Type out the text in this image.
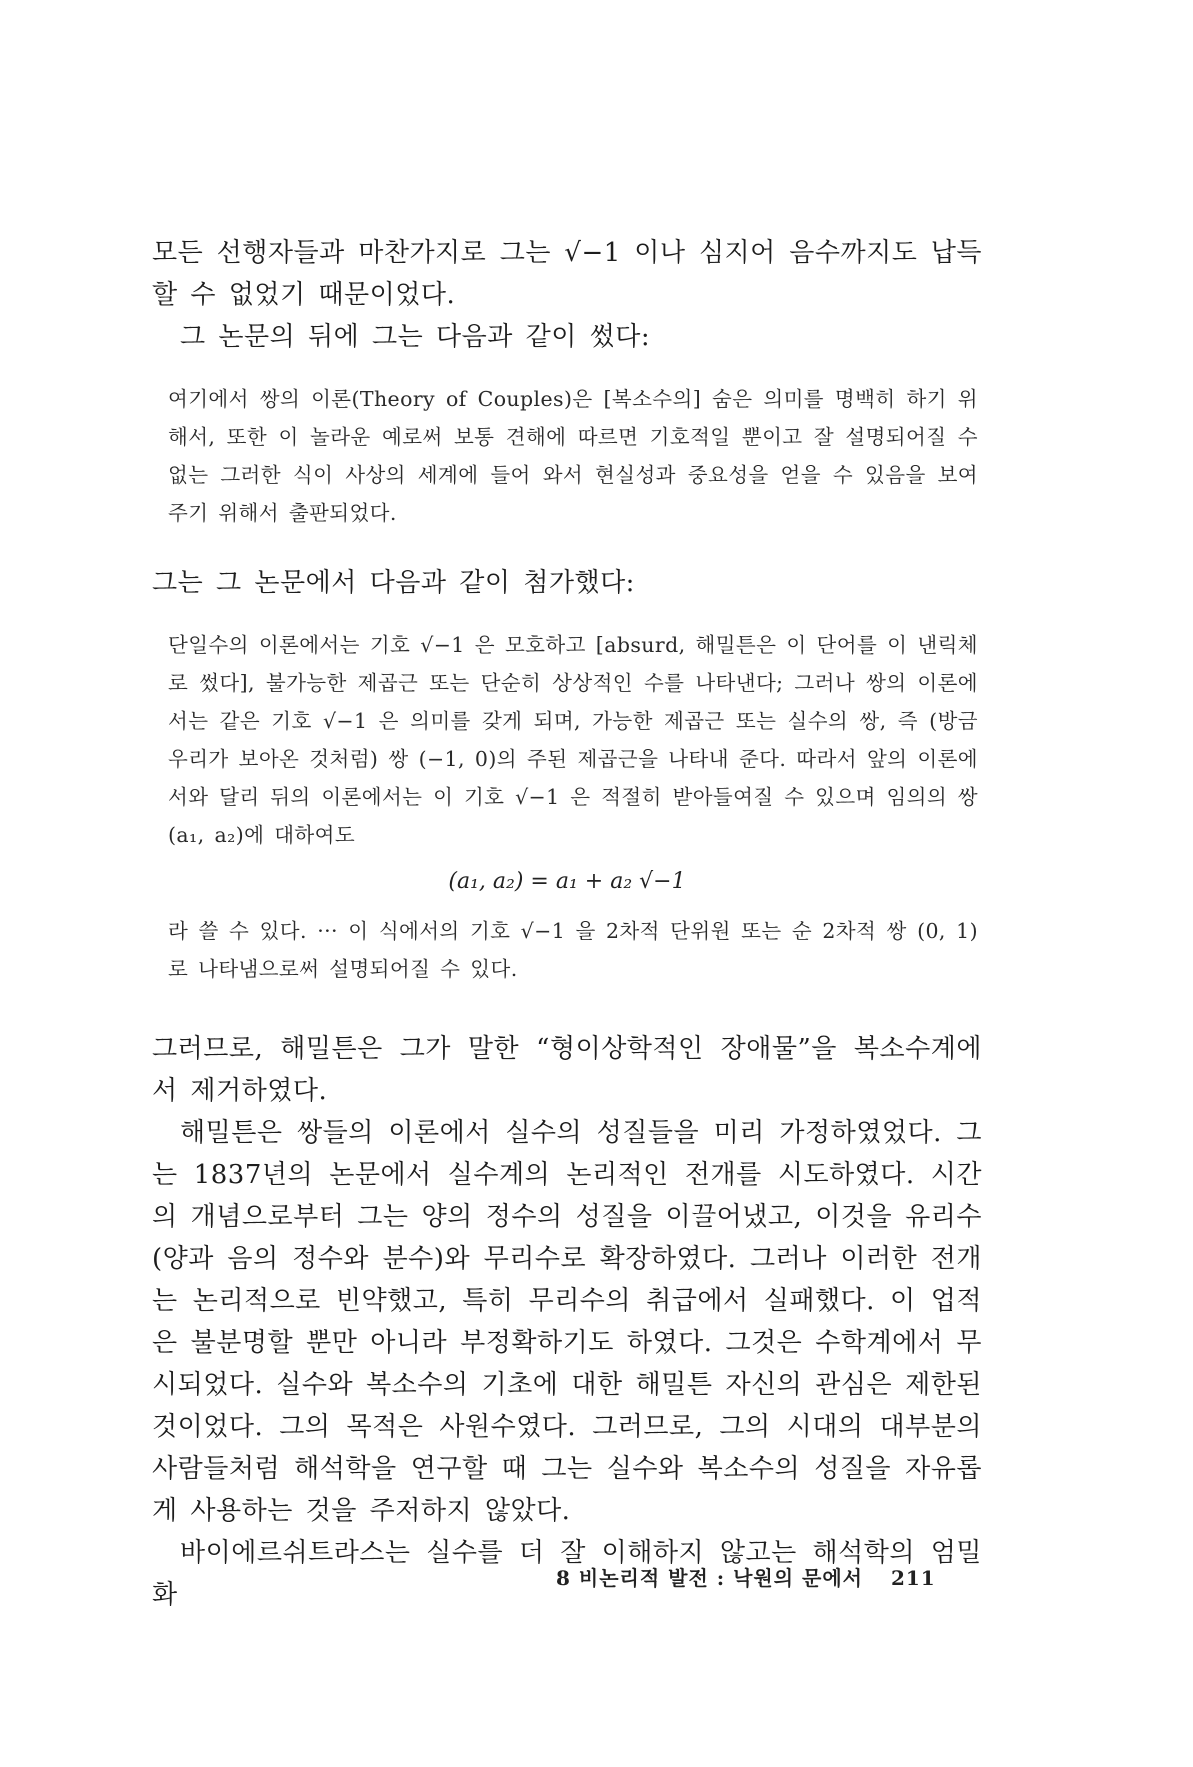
모든 선행자들과 마찬가지로 그는 √−1 이나 심지어 음수까지도 납득할 수 없었기 때문이었다.

그 논문의 뒤에 그는 다음과 같이 썼다:

여기에서 쌍의 이론(Theory of Couples)은 [복소수의] 숨은 의미를 명백히 하기 위해서, 또한 이 놀라운 예로써 보통 견해에 따르면 기호적일 뿐이고 잘 설명되어질 수 없는 그러한 식이 사상의 세계에 들어 와서 현실성과 중요성을 얻을 수 있음을 보여 주기 위해서 출판되었다.

그는 그 논문에서 다음과 같이 첨가했다:

단일수의 이론에서는 기호 √−1 은 모호하고 [absurd, 해밀튼은 이 단어를 이 낸릭체로 썼다], 불가능한 제곱근 또는 단순히 상상적인 수를 나타낸다; 그러나 쌍의 이론에서는 같은 기호 √−1 은 의미를 갖게 되며, 가능한 제곱근 또는 실수의 쌍, 즉 (방금 우리가 보아온 것처럼) 쌍 (−1, 0)의 주된 제곱근을 나타내 준다. 따라서 앞의 이론에서와 달리 뒤의 이론에서는 이 기호 √−1 은 적절히 받아들여질 수 있으며 임의의 쌍 (a₁, a₂)에 대하여도

(a₁, a₂) = a₁ + a₂ √−1

라 쓸 수 있다. ··· 이 식에서의 기호 √−1 을 2차적 단위원 또는 순 2차적 쌍 (0, 1)로 나타냄으로써 설명되어질 수 있다.

그러므로, 해밀튼은 그가 말한 “형이상학적인 장애물”을 복소수계에서 제거하였다.

해밀튼은 쌍들의 이론에서 실수의 성질들을 미리 가정하였었다. 그는 1837년의 논문에서 실수계의 논리적인 전개를 시도하였다. 시간의 개념으로부터 그는 양의 정수의 성질을 이끌어냈고, 이것을 유리수 (양과 음의 정수와 분수)와 무리수로 확장하였다. 그러나 이러한 전개는 논리적으로 빈약했고, 특히 무리수의 취급에서 실패했다. 이 업적은 불분명할 뿐만 아니라 부정확하기도 하였다. 그것은 수학계에서 무시되었다. 실수와 복소수의 기초에 대한 해밀튼 자신의 관심은 제한된 것이었다. 그의 목적은 사원수였다. 그러므로, 그의 시대의 대부분의 사람들처럼 해석학을 연구할 때 그는 실수와 복소수의 성질을 자유롭게 사용하는 것을 주저하지 않았다.

바이에르쉬트라스는 실수를 더 잘 이해하지 않고는 해석학의 엄밀화

8 비논리적 발전 : 낙원의 문에서 211
